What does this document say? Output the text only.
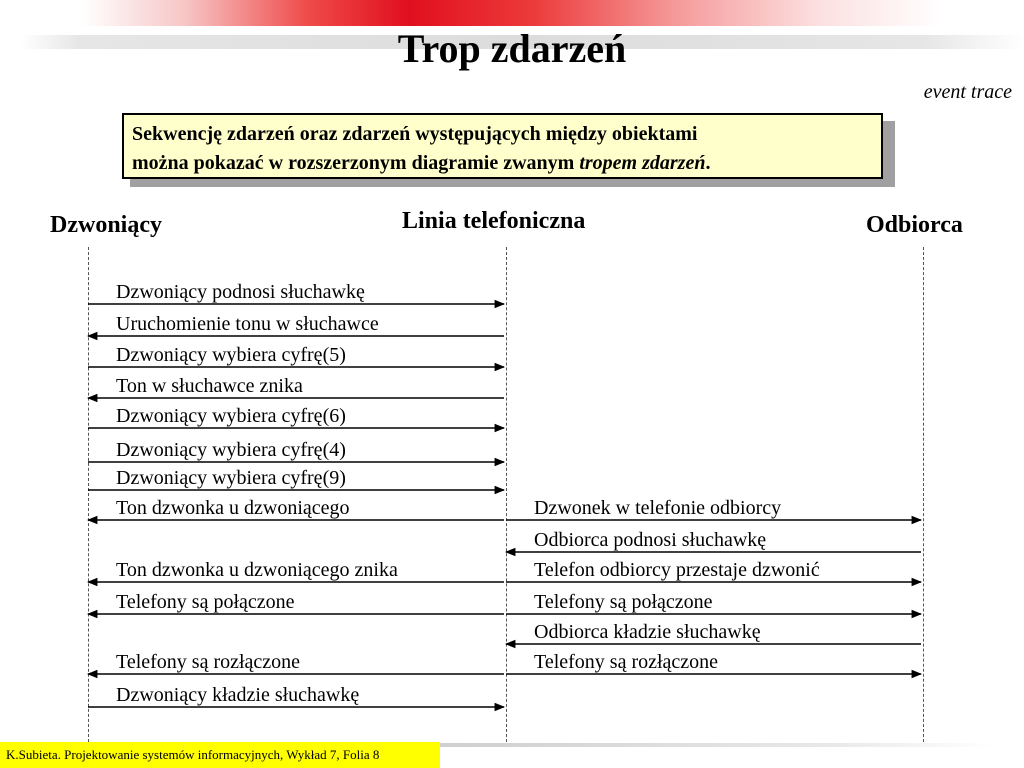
Trop zdarzeń
event trace
Sekwencję zdarzeń oraz zdarzeń występujących między obiektami
można pokazać w rozszerzonym diagramie zwanym tropem zdarzeń.
Dzwoniący	Linia telefoniczna	Odbiorca
Dzwoniący podnosi słuchawkę
Uruchomienie tonu w słuchawce
Dzwoniący wybiera cyfrę(5)
Ton w słuchawce znika
Dzwoniący wybiera cyfrę(6)
Dzwoniący wybiera cyfrę(4)
Dzwoniący wybiera cyfrę(9)
Ton dzwonka u dzwoniącego
Ton dzwonka u dzwoniącego znika
Telefony są połączone
Telefony są rozłączone
Dzwoniący kładzie słuchawkę
Dzwonek w telefonie odbiorcy
Odbiorca podnosi słuchawkę
Telefon odbiorcy przestaje dzwonić
Telefony są połączone
Odbiorca kładzie słuchawkę
Telefony są rozłączone
K.Subieta. Projektowanie systemów informacyjnych, Wykład 7, Folia 8
